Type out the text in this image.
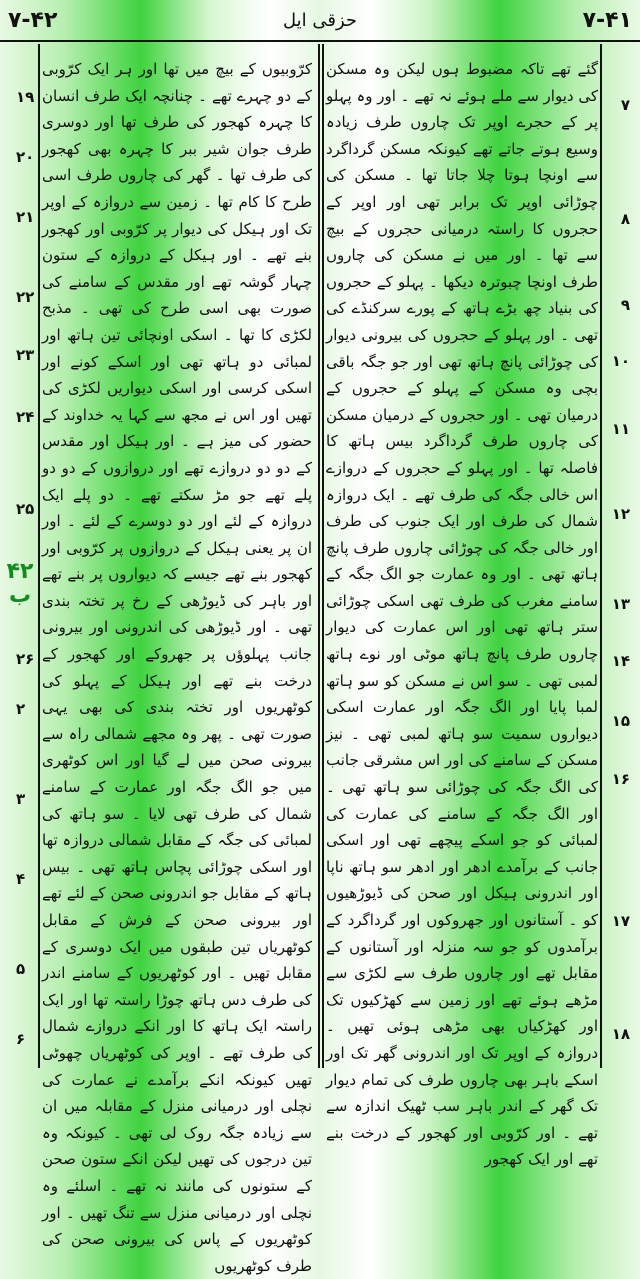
۷-۴۲	حزقی ایل	۷-۴۱

کرّوبیوں کے بیچ میں تھا اور ہر ایک کرّوبی کے دو چہرے تھے ۔ چنانچہ ایک طرف انسان کا چہرہ کھجور کی طرف تھا اور دوسری طرف جوان شیر ببر کا چہرہ بھی کھجور کی طرف تھا ۔ گھر کی چاروں طرف اسی طرح کا کام تھا ۔ زمین سے دروازہ کے اوپر تک اور ہیکل کی دیوار پر کرّوبی اور کھجور بنے تھے ۔ اور ہیکل کے دروازہ کے ستون چہار گوشہ تھے اور مقدس کے سامنے کی صورت بھی اسی طرح کی تھی ۔ مذبح لکڑی کا تھا ۔ اسکی اونچائی تین ہاتھ اور لمبائی دو ہاتھ تھی اور اسکے کونے اور اسکی کرسی اور اسکی دیواریں لکڑی کی تھیں اور اس نے مجھ سے کہا یہ خداوند کے حضور کی میز ہے ۔ اور ہیکل اور مقدس کے دو دو دروازے تھے اور دروازوں کے دو دو پلے تھے جو مڑ سکتے تھے ۔ دو پلے ایک دروازہ کے لئے اور دو دوسرے کے لئے ۔ اور ان پر یعنی ہیکل کے دروازوں پر کرّوبی اور کھجور بنے تھے جیسے کہ دیواروں پر بنے تھے اور باہر کی ڈیوڑھی کے رخ پر تختہ بندی تھی ۔ اور ڈیوڑھی کی اندرونی اور بیرونی جانب پہلوؤں پر جھروکے اور کھجور کے درخت بنے تھے اور ہیکل کے پہلو کی کوٹھریوں اور تختہ بندی کی بھی یہی صورت تھی ۔ پھر وہ مجھے شمالی راہ سے بیرونی صحن میں لے گیا اور اس کوٹھری میں جو الگ جگہ اور عمارت کے سامنے شمال کی طرف تھی لایا ۔ سو ہاتھ کی لمبائی کی جگہ کے مقابل شمالی دروازہ تھا اور اسکی چوڑائی پچاس ہاتھ تھی ۔ بیس ہاتھ کے مقابل جو اندرونی صحن کے لئے تھے اور بیرونی صحن کے فرش کے مقابل کوٹھریاں تین طبقوں میں ایک دوسری کے مقابل تھیں ۔ اور کوٹھریوں کے سامنے اندر کی طرف دس ہاتھ چوڑا راستہ تھا اور ایک راستہ ایک ہاتھ کا اور انکے دروازے شمال کی طرف تھے ۔ اوپر کی کوٹھریاں چھوٹی تھیں کیونکہ انکے برآمدے نے عمارت کی نچلی اور درمیانی منزل کے مقابلہ میں ان سے زیادہ جگہ روک لی تھی ۔ کیونکہ وہ تین درجوں کی تھیں لیکن انکے ستون صحن کے ستونوں کی مانند نہ تھے ۔ اسلئے وہ نچلی اور درمیانی منزل سے تنگ تھیں ۔ اور کوٹھریوں کے پاس کی بیرونی صحن کی طرف کوٹھریوں

گئے تھے تاکہ مضبوط ہوں لیکن وہ مسکن کی دیوار سے ملے ہوئے نہ تھے ۔ اور وہ پہلو پر کے حجرے اوپر تک چاروں طرف زیادہ وسیع ہوتے جاتے تھے کیونکہ مسکن گرداگرد سے اونچا ہوتا چلا جاتا تھا ۔ مسکن کی چوڑائی اوپر تک برابر تھی اور اوپر کے حجروں کا راستہ درمیانی حجروں کے بیچ سے تھا ۔ اور میں نے مسکن کی چاروں طرف اونچا چبوترہ دیکھا ۔ پہلو کے حجروں کی بنیاد چھ بڑے ہاتھ کے پورے سرکنڈے کی تھی ۔ اور پہلو کے حجروں کی بیرونی دیوار کی چوڑائی پانچ ہاتھ تھی اور جو جگہ باقی بچی وہ مسکن کے پہلو کے حجروں کے درمیان تھی ۔ اور حجروں کے درمیان مسکن کی چاروں طرف گرداگرد بیس ہاتھ کا فاصلہ تھا ۔ اور پہلو کے حجروں کے دروازے اس خالی جگہ کی طرف تھے ۔ ایک دروازہ شمال کی طرف اور ایک جنوب کی طرف اور خالی جگہ کی چوڑائی چاروں طرف پانچ ہاتھ تھی ۔ اور وہ عمارت جو الگ جگہ کے سامنے مغرب کی طرف تھی اسکی چوڑائی ستر ہاتھ تھی اور اس عمارت کی دیوار چاروں طرف پانچ ہاتھ موٹی اور نوے ہاتھ لمبی تھی ۔ سو اس نے مسکن کو سو ہاتھ لمبا پایا اور الگ جگہ اور عمارت اسکی دیواروں سمیت سو ہاتھ لمبی تھی ۔ نیز مسکن کے سامنے کی اور اس مشرقی جانب کی الگ جگہ کی چوڑائی سو ہاتھ تھی ۔ اور الگ جگہ کے سامنے کی عمارت کی لمبائی کو جو اسکے پیچھے تھی اور اسکی جانب کے برآمدے ادھر اور ادھر سو ہاتھ ناپا اور اندرونی ہیکل اور صحن کی ڈیوڑھیوں کو ۔ آستانوں اور جھروکوں اور گرداگرد کے برآمدوں کو جو سہ منزلہ اور آستانوں کے مقابل تھے اور چاروں طرف سے لکڑی سے مڑھے ہوئے تھے اور زمین سے کھڑکیوں تک اور کھڑکیاں بھی مڑھی ہوئی تھیں ۔ دروازہ کے اوپر تک اور اندرونی گھر تک اور اسکے باہر بھی چاروں طرف کی تمام دیوار تک گھر کے اندر باہر سب ٹھیک اندازہ سے تھے ۔ اور کرّوبی اور کھجور کے درخت بنے تھے اور ایک کھجور

۴۲ ب
۱۹
۲۰
۲۱
۲۲
۲۳
۲۴
۲۵
۲۶
۲
۳
۴
۵
۶
۷
۸
۹
۱۰
۱۱
۱۲
۱۳
۱۴
۱۵
۱۶
۱۷
۱۸
